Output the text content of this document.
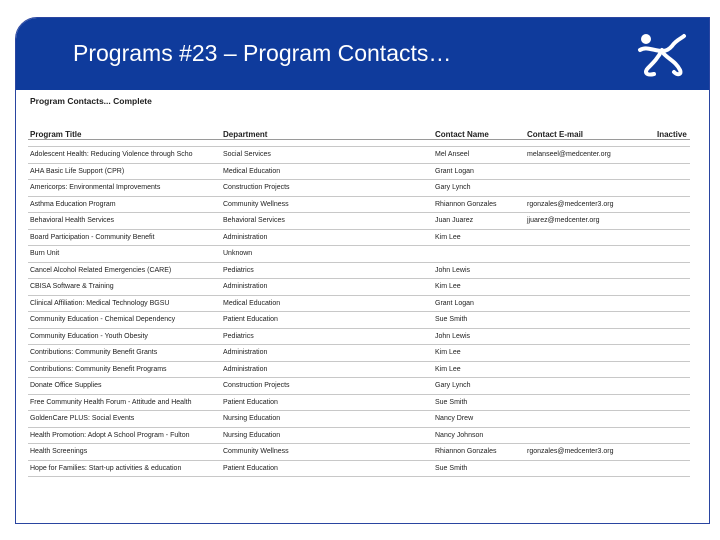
Programs #23 – Program Contacts…
Program Contacts... Complete
Program Title	Department	Contact Name	Contact E-mail	Inactive

Adolescent Health: Reducing Violence through Scho	Social Services	Mel Anseel	melanseel@medcenter.org	
AHA Basic Life Support (CPR)	Medical Education	Grant Logan		
Americorps: Environmental Improvements	Construction Projects	Gary Lynch		
Asthma Education Program	Community Wellness	Rhiannon Gonzales	rgonzales@medcenter3.org	
Behavioral Health Services	Behavioral Services	Juan Juarez	jjuarez@medcenter.org	
Board Participation - Community Benefit	Administration	Kim Lee		
Burn Unit	Unknown			
Cancel Alcohol Related Emergencies (CARE)	Pediatrics	John Lewis		
CBISA Software & Training	Administration	Kim Lee		
Clinical Affiliation: Medical Technology BGSU	Medical Education	Grant Logan		
Community Education - Chemical Dependency	Patient Education	Sue Smith		
Community Education - Youth Obesity	Pediatrics	John Lewis		
Contributions: Community Benefit Grants	Administration	Kim Lee		
Contributions: Community Benefit Programs	Administration	Kim Lee		
Donate Office Supplies	Construction Projects	Gary Lynch		
Free Community Health Forum - Attitude and Health	Patient Education	Sue Smith		
GoldenCare PLUS: Social Events	Nursing Education	Nancy Drew		
Health Promotion: Adopt A School Program - Fulton	Nursing Education	Nancy Johnson		
Health Screenings	Community Wellness	Rhiannon Gonzales	rgonzales@medcenter3.org	
Hope for Families: Start-up activities & education	Patient Education	Sue Smith		
